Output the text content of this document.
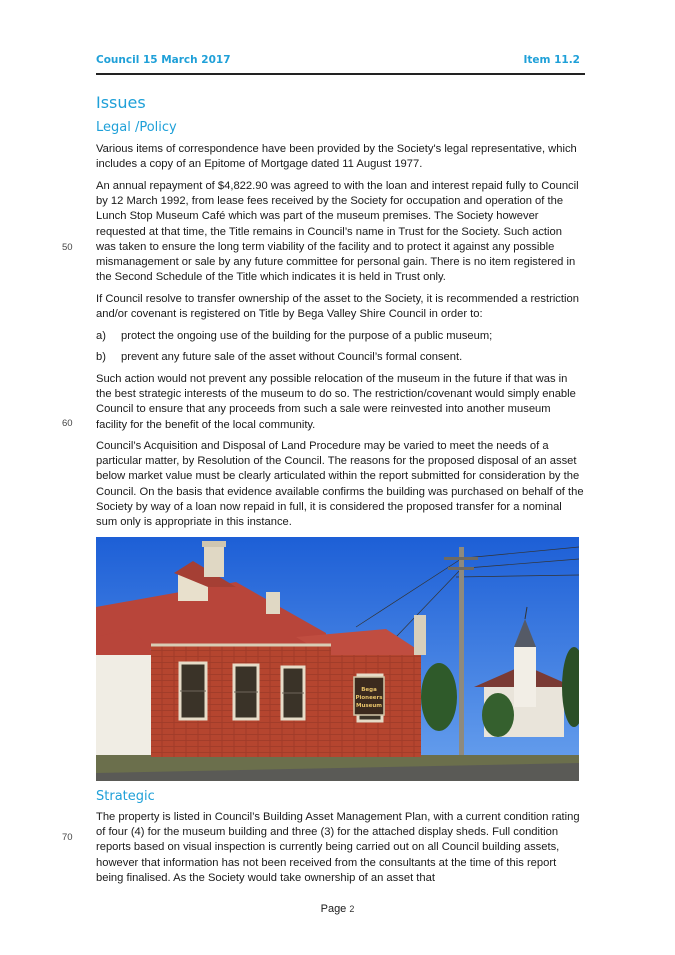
Council 15 March 2017	Item 11.2
Issues
Legal /Policy

Various items of correspondence have been provided by the Society's legal representative, which includes a copy of an Epitome of Mortgage dated 11 August 1977.

An annual repayment of $4,822.90 was agreed to with the loan and interest repaid fully to Council by 12 March 1992, from lease fees received by the Society for occupation and operation of the Lunch Stop Museum Café which was part of the museum premises. The Society however requested at that time, the Title remains in Council’s name in Trust for the Society. Such action was taken to ensure the long term viability of the facility and to protect it against any possible mismanagement or sale by any future committee for personal gain. There is no item registered in the Second Schedule of the Title which indicates it is held in Trust only.

If Council resolve to transfer ownership of the asset to the Society, it is recommended a restriction and/or covenant is registered on Title by Bega Valley Shire Council in order to:

a) protect the ongoing use of the building for the purpose of a public museum;
b) prevent any future sale of the asset without Council’s formal consent.

Such action would not prevent any possible relocation of the museum in the future if that was in the best strategic interests of the museum to do so. The restriction/covenant would simply enable Council to ensure that any proceeds from such a sale were reinvested into another museum facility for the benefit of the local community.

Council’s Acquisition and Disposal of Land Procedure may be varied to meet the needs of a particular matter, by Resolution of the Council. The reasons for the proposed disposal of an asset below market value must be clearly articulated within the report submitted for consideration by the Council. On the basis that evidence available confirms the building was purchased on behalf of the Society by way of a loan now repaid in full, it is considered the proposed transfer for a nominal sum only is appropriate in this instance.

50
60
70
Bega
Pioneers
Museum
Strategic

The property is listed in Council’s Building Asset Management Plan, with a current condition rating of four (4) for the museum building and three (3) for the attached display sheds. Full condition reports based on visual inspection is currently being carried out on all Council building assets, however that information has not been received from the consultants at the time of this report being finalised. As the Society would take ownership of an asset that

Page 2
